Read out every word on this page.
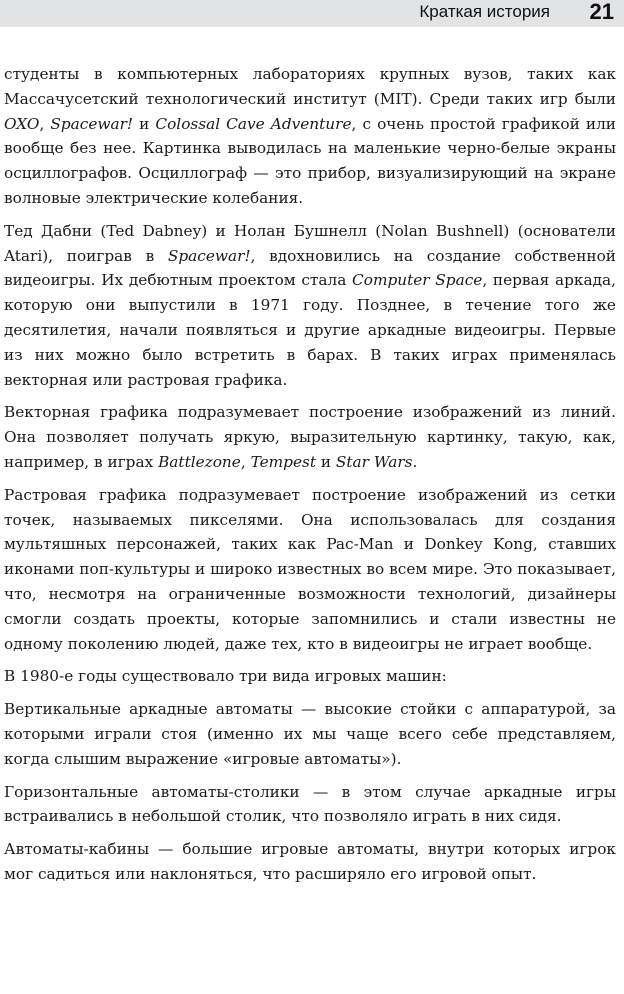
Краткая история 21

студенты в компьютерных лабораториях крупных вузов, таких как Массачусетский технологический институт (MIT). Среди таких игр были OXO, Spacewar! и Colossal Cave Adventure, с очень простой графикой или вообще без нее. Картинка выводилась на маленькие черно-белые экраны осциллографов. Осциллограф — это прибор, визуализирующий на экране волновые электрические колебания.

Тед Дабни (Ted Dabney) и Нолан Бушнелл (Nolan Bushnell) (основатели Atari), поиграв в Spacewar!, вдохновились на создание собственной видеоигры. Их дебютным проектом стала Computer Space, первая аркада, которую они выпустили в 1971 году. Позднее, в течение того же десятилетия, начали появляться и другие аркадные видеоигры. Первые из них можно было встретить в барах. В таких играх применялась векторная или растровая графика.

Векторная графика подразумевает построение изображений из линий. Она позволяет получать яркую, выразительную картинку, такую, как, например, в играх Battlezone, Tempest и Star Wars.

Растровая графика подразумевает построение изображений из сетки точек, называемых пикселями. Она использовалась для создания мультяшных персонажей, таких как Pac-Man и Donkey Kong, ставших иконами поп-культуры и широко известных во всем мире. Это показывает, что, несмотря на ограниченные возможности технологий, дизайнеры смогли создать проекты, которые запомнились и стали известны не одному поколению людей, даже тех, кто в видеоигры не играет вообще.

В 1980-е годы существовало три вида игровых машин:

Вертикальные аркадные автоматы — высокие стойки с аппаратурой, за которыми играли стоя (именно их мы чаще всего себе представляем, когда слышим выражение «игровые автоматы»).

Горизонтальные автоматы-столики — в этом случае аркадные игры встраивались в небольшой столик, что позволяло играть в них сидя.

Автоматы-кабины — большие игровые автоматы, внутри которых игрок мог садиться или наклоняться, что расширяло его игровой опыт.
